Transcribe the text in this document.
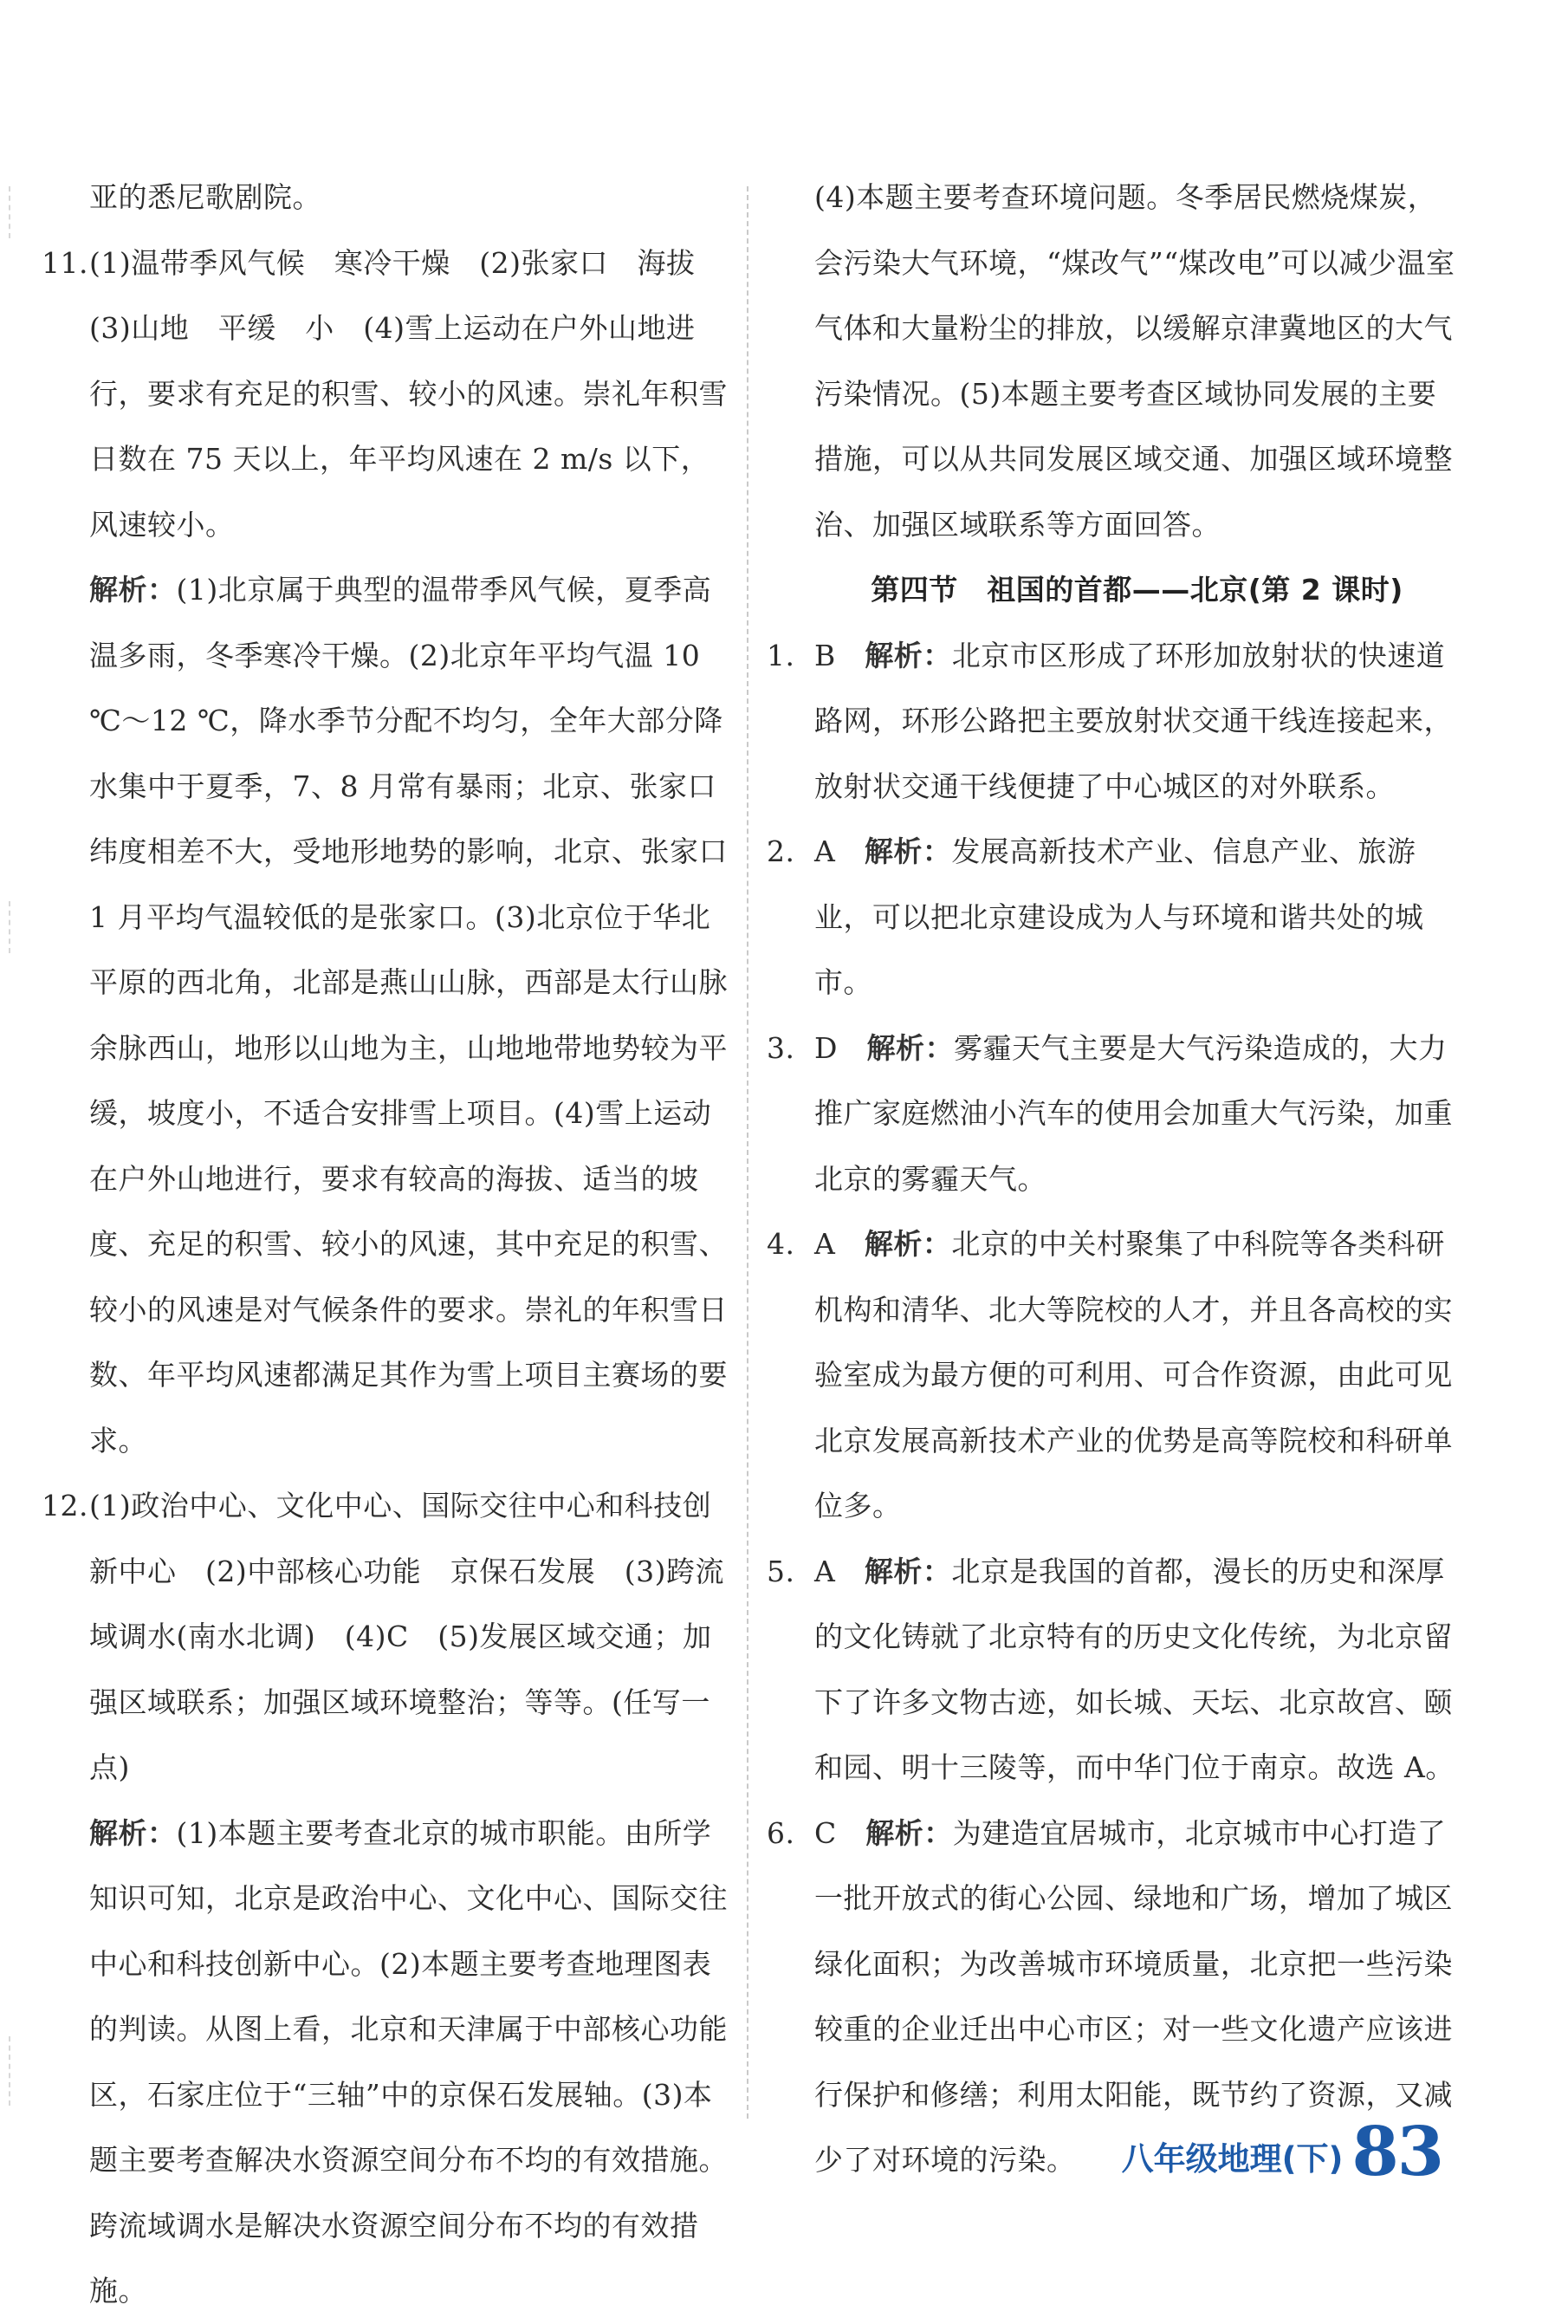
亚的悉尼歌剧院。

11. (1)温带季风气候　寒冷干燥　(2)张家口　海拔　(3)山地　平缓　小　(4)雪上运动在户外山地进行，要求有充足的积雪、较小的风速。崇礼年积雪日数在 75 天以上，年平均风速在 2 m/s 以下，风速较小。

解析：(1)北京属于典型的温带季风气候，夏季高温多雨，冬季寒冷干燥。(2)北京年平均气温 10 ℃～12 ℃，降水季节分配不均匀，全年大部分降水集中于夏季，7、8 月常有暴雨；北京、张家口纬度相差不大，受地形地势的影响，北京、张家口 1 月平均气温较低的是张家口。(3)北京位于华北平原的西北角，北部是燕山山脉，西部是太行山脉余脉西山，地形以山地为主，山地地带地势较为平缓，坡度小，不适合安排雪上项目。(4)雪上运动在户外山地进行，要求有较高的海拔、适当的坡度、充足的积雪、较小的风速，其中充足的积雪、较小的风速是对气候条件的要求。崇礼的年积雪日数、年平均风速都满足其作为雪上项目主赛场的要求。

12. (1)政治中心、文化中心、国际交往中心和科技创新中心　(2)中部核心功能　京保石发展　(3)跨流域调水(南水北调)　(4)C　(5)发展区域交通；加强区域联系；加强区域环境整治；等等。(任写一点)

解析：(1)本题主要考查北京的城市职能。由所学知识可知，北京是政治中心、文化中心、国际交往中心和科技创新中心。(2)本题主要考查地理图表的判读。从图上看，北京和天津属于中部核心功能区，石家庄位于“三轴”中的京保石发展轴。(3)本题主要考查解决水资源空间分布不均的有效措施。跨流域调水是解决水资源空间分布不均的有效措施。

(4)本题主要考查环境问题。冬季居民燃烧煤炭，会污染大气环境，“煤改气”“煤改电”可以减少温室气体和大量粉尘的排放，以缓解京津冀地区的大气污染情况。(5)本题主要考查区域协同发展的主要措施，可以从共同发展区域交通、加强区域环境整治、加强区域联系等方面回答。

第四节　祖国的首都——北京(第 2 课时)
1. B　 解析：北京市区形成了环形加放射状的快速道路网，环形公路把主要放射状交通干线连接起来，放射状交通干线便捷了中心城区的对外联系。
2. A　 解析：发展高新技术产业、信息产业、旅游业，可以把北京建设成为人与环境和谐共处的城市。
3. D　 解析：雾霾天气主要是大气污染造成的，大力推广家庭燃油小汽车的使用会加重大气污染，加重北京的雾霾天气。
4. A　 解析：北京的中关村聚集了中科院等各类科研机构和清华、北大等院校的人才，并且各高校的实验室成为最方便的可利用、可合作资源，由此可见北京发展高新技术产业的优势是高等院校和科研单位多。
5. A　 解析：北京是我国的首都，漫长的历史和深厚的文化铸就了北京特有的历史文化传统，为北京留下了许多文物古迹，如长城、天坛、北京故宫、颐和园、明十三陵等，而中华门位于南京。故选 A。
6. C　 解析：为建造宜居城市，北京城市中心打造了一批开放式的街心公园、绿地和广场，增加了城区绿化面积；为改善城市环境质量，北京把一些污染较重的企业迁出中心市区；对一些文化遗产应该进行保护和修缮；利用太阳能，既节约了资源，又减少了对环境的污染。	八年级地理(下) 83
